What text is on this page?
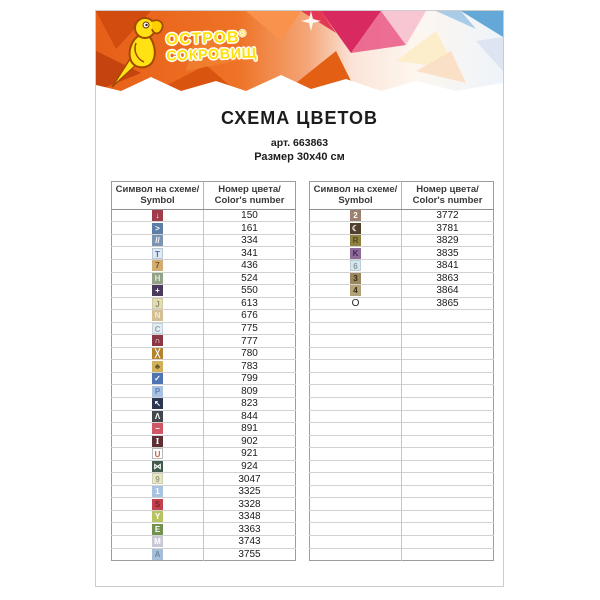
ОСТРОВ®
СОКРОВИЩ
СХЕМА ЦВЕТОВ
арт. 663863
Размер 30x40 см
Символ на схеме/
Symbol	Номер цвета/
Color's number
↓	150
>	161
//	334
T	341
7	436
H	524
+	550
J	613
N	676
C	775
∩	777
╳	780
♣	783
✓	799
P	809
↖	823
Λ	844
−	891
I	902
U	921
⋈	924
9	3047
1	3325
S	3328
Y	3348
E	3363
M	3743
A	3755
Символ на схеме/
Symbol	Номер цвета/
Color's number
2	3772
☾	3781
R	3829
K	3835
6	3841
3	3863
4	3864
O	3865
